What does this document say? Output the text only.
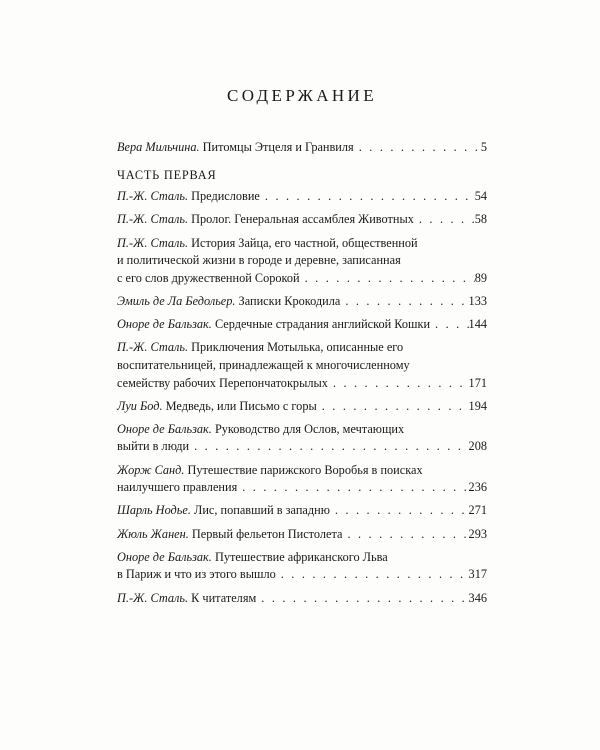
СОДЕРЖАНИЕ
Вера Мильчина. Питомцы Этцеля и Гранвиля . . .	5
ЧАСТЬ ПЕРВАЯ
П.-Ж. Сталь. Предисловие . . .	54
П.-Ж. Сталь. Пролог. Генеральная ассамблея Животных . . .	58
П.-Ж. Сталь. История Зайца, его частной, общественной
и политической жизни в городе и деревне, записанная
с его слов дружественной Сорокой . . .	89
Эмиль де Ла Бедольер. Записки Крокодила . . .	133
Оноре де Бальзак. Сердечные страдания английской Кошки . . .	144
П.-Ж. Сталь. Приключения Мотылька, описанные его
воспитательницей, принадлежащей к многочисленному
семейству рабочих Перепончатокрылых . . .	171
Луи Бод. Медведь, или Письмо с горы . . .	194
Оноре де Бальзак. Руководство для Ослов, мечтающих
выйти в люди . . .	208
Жорж Санд. Путешествие парижского Воробья в поисках
наилучшего правления . . .	236
Шарль Нодье. Лис, попавший в западню . . .	271
Жюль Жанен. Первый фельетон Пистолета . . .	293
Оноре де Бальзак. Путешествие африканского Льва
в Париж и что из этого вышло . . .	317
П.-Ж. Сталь. К читателям . . .	346
